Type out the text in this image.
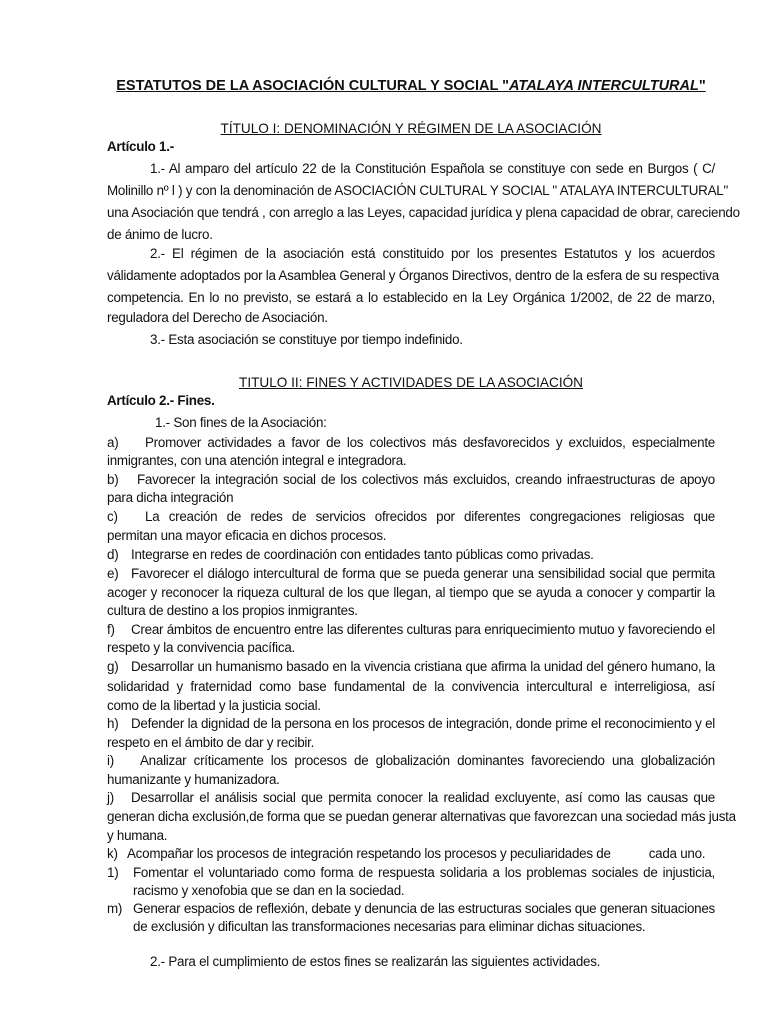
ESTATUTOS DE LA ASOCIACIÓN CULTURAL Y SOCIAL "ATALAYA INTERCULTURAL"
TÍTULO I: DENOMINACIÓN Y RÉGIMEN DE LA ASOCIACIÓN
Artículo 1.-
1.- Al amparo del artículo 22 de la Constitución Española se constituye con sede en Burgos ( C/
Molinillo nº l ) y con la denominación de ASOCIACIÓN CULTURAL Y SOCIAL " ATALAYA INTERCULTURAL"
una Asociación que tendrá , con arreglo a las Leyes, capacidad jurídica y plena capacidad de obrar, careciendo
de ánimo de lucro.
2.- El régimen de la asociación está constituido por los presentes Estatutos y los acuerdos
válidamente adoptados por la Asamblea General y Órganos Directivos, dentro de la esfera de su respectiva
competencia. En lo no previsto, se estará a lo establecido en la Ley Orgánica 1/2002, de 22 de marzo,
reguladora del Derecho de Asociación.
3.- Esta asociación se constituye por tiempo indefinido.
TITULO II: FINES Y ACTIVIDADES DE LA ASOCIACIÓN
Artículo 2.- Fines.
1.- Son fines de la Asociación:
a) Promover actividades a favor de los colectivos más desfavorecidos y excluidos, especialmente
inmigrantes, con una atención integral e integradora.
b) Favorecer la integración social de los colectivos más excluidos, creando infraestructuras de apoyo
para dicha integración
c) La creación de redes de servicios ofrecidos por diferentes congregaciones religiosas que
permitan una mayor eficacia en dichos procesos.
d) Integrarse en redes de coordinación con entidades tanto públicas como privadas.
e) Favorecer el diálogo intercultural de forma que se pueda generar una sensibilidad social que permita
acoger y reconocer la riqueza cultural de los que llegan, al tiempo que se ayuda a conocer y compartir la
cultura de destino a los propios inmigrantes.
f) Crear ámbitos de encuentro entre las diferentes culturas para enriquecimiento mutuo y favoreciendo el
respeto y la convivencia pacífica.
g) Desarrollar un humanismo basado en la vivencia cristiana que afirma la unidad del género humano, la
solidaridad y fraternidad como base fundamental de la convivencia intercultural e interreligiosa, así
como de la libertad y la justicia social.
h) Defender la dignidad de la persona en los procesos de integración, donde prime el reconocimiento y el
respeto en el ámbito de dar y recibir.
i) Analizar críticamente los procesos de globalización dominantes favoreciendo una globalización
humanizante y humanizadora.
j) Desarrollar el análisis social que permita conocer la realidad excluyente, así como las causas que
generan dicha exclusión,de forma que se puedan generar alternativas que favorezcan una sociedad más justa
y humana.
k) Acompañar los procesos de integración respetando los procesos y peculiaridades de	cada uno.
1) Fomentar el voluntariado como forma de respuesta solidaria a los problemas sociales de injusticia,
racismo y xenofobia que se dan en la sociedad.
m) Generar espacios de reflexión, debate y denuncia de las estructuras sociales que generan situaciones
de exclusión y dificultan las transformaciones necesarias para eliminar dichas situaciones.
2.- Para el cumplimiento de estos fines se realizarán las siguientes actividades.
